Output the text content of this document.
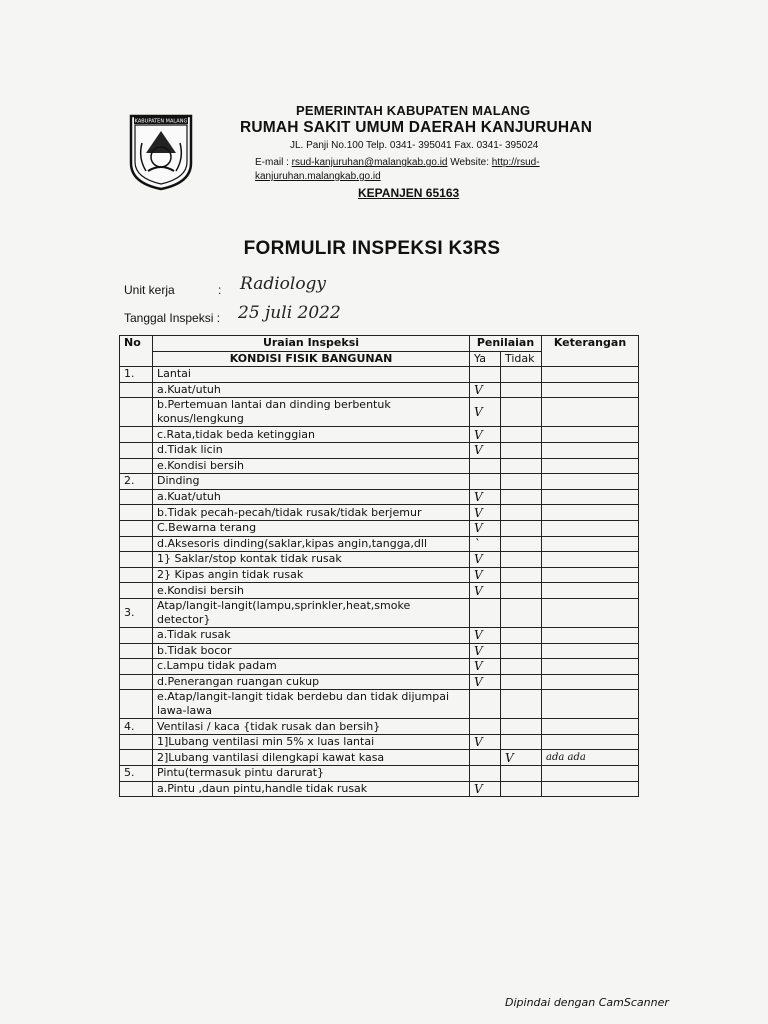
KABUPATEN MALANG
PEMERINTAH KABUPATEN MALANG
RUMAH SAKIT UMUM DAERAH KANJURUHAN
JL. Panji No.100 Telp. 0341- 395041 Fax. 0341- 395024
E-mail : rsud-kanjuruhan@malangkab.go.id Website: http://rsud-kanjuruhan.malangkab.go.id
KEPANJEN 65163
FORMULIR INSPEKSI K3RS
Unit kerja	: Radiology
Tanggal Inspeksi : 25 juli 2022
No	Uraian Inspeksi	Penilaian		Keterangan
	KONDISI FISIK BANGUNAN	Ya	Tidak	
1.	Lantai			
	a.Kuat/utuh	V		
	b.Pertemuan lantai dan dinding berbentuk konus/lengkung	V		
	c.Rata,tidak beda ketinggian	V		
	d.Tidak licin	V		
	e.Kondisi bersih			
2.	Dinding			
	a.Kuat/utuh	V		
	b.Tidak pecah-pecah/tidak rusak/tidak berjemur	V		
	C.Bewarna terang	V		
	d.Aksesoris dinding(saklar,kipas angin,tangga,dll	`		
	1} Saklar/stop kontak tidak rusak	V		
	2} Kipas angin tidak rusak	V		
	e.Kondisi bersih	V		
3.	Atap/langit-langit(lampu,sprinkler,heat,smoke detector}			
	a.Tidak rusak	V		
	b.Tidak bocor	V		
	c.Lampu tidak padam	V		
	d.Penerangan ruangan cukup	V		
	e.Atap/langit-langit tidak berdebu dan tidak dijumpai lawa-lawa			
4.	Ventilasi / kaca {tidak rusak dan bersih}			
	1]Lubang ventilasi min 5% x luas lantai	V		
	2]Lubang vantilasi dilengkapi kawat kasa		V	ada ada
5.	Pintu(termasuk pintu darurat}			
	a.Pintu ,daun pintu,handle tidak rusak	V		
Dipindai dengan CamScanner
